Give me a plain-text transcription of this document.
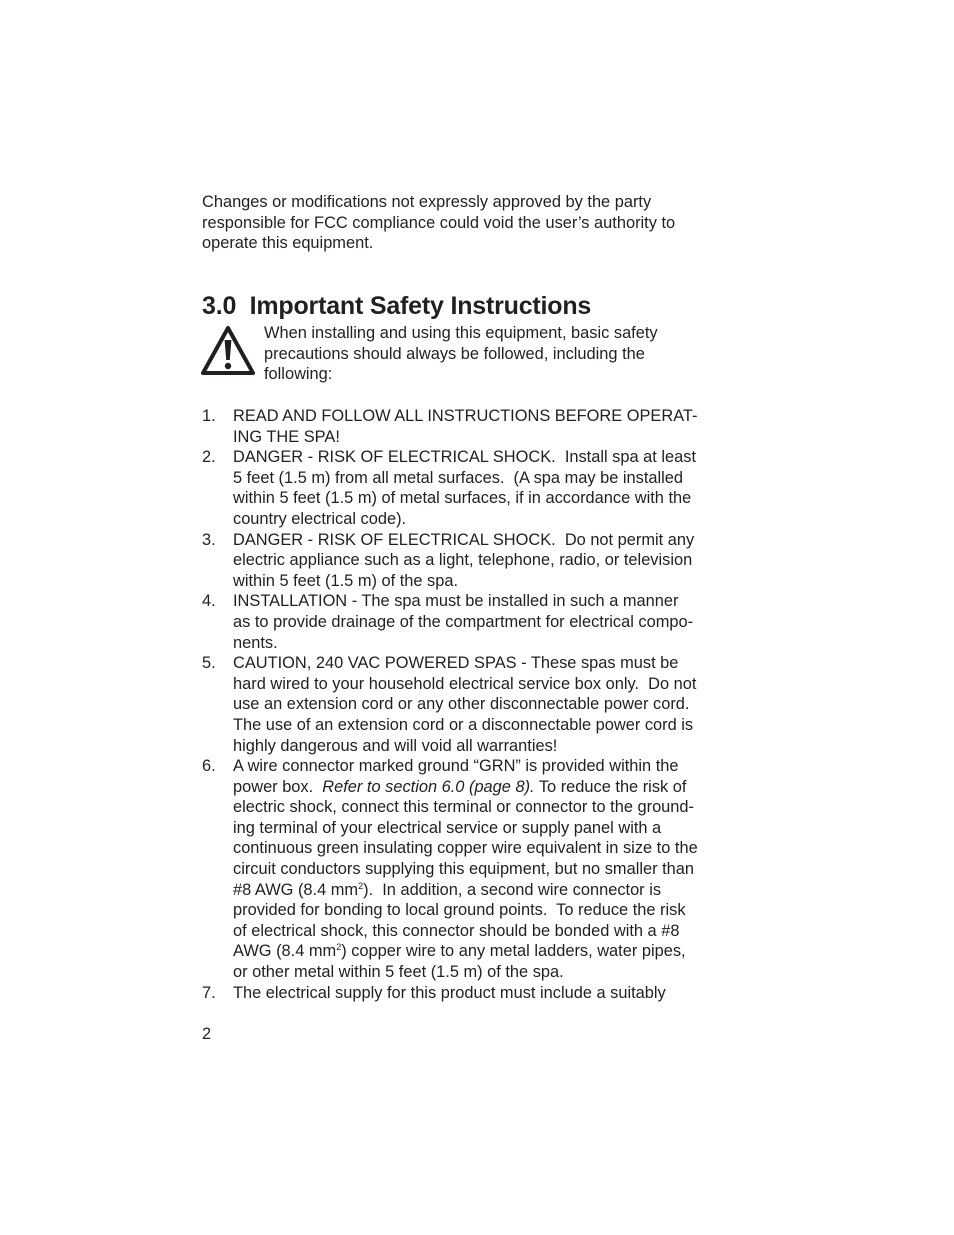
Changes or modifications not expressly approved by the party
responsible for FCC compliance could void the user’s authority to
operate this equipment.
3.0  Important Safety Instructions
When installing and using this equipment, basic safety
precautions should always be followed, including the
following:
1.	READ AND FOLLOW ALL INSTRUCTIONS BEFORE OPERAT-
ING THE SPA!
2.	DANGER - RISK OF ELECTRICAL SHOCK.  Install spa at least
5 feet (1.5 m) from all metal surfaces.  (A spa may be installed
within 5 feet (1.5 m) of metal surfaces, if in accordance with the
country electrical code).
3.	DANGER - RISK OF ELECTRICAL SHOCK.  Do not permit any
electric appliance such as a light, telephone, radio, or television
within 5 feet (1.5 m) of the spa.
4.	INSTALLATION - The spa must be installed in such a manner
as to provide drainage of the compartment for electrical compo-
nents.
5.	CAUTION, 240 VAC POWERED SPAS - These spas must be
hard wired to your household electrical service box only.  Do not
use an extension cord or any other disconnectable power cord.
The use of an extension cord or a disconnectable power cord is
highly dangerous and will void all warranties!
6.	A wire connector marked ground “GRN” is provided within the
power box.  Refer to section 6.0 (page 8). To reduce the risk of
electric shock, connect this terminal or connector to the ground-
ing terminal of your electrical service or supply panel with a
continuous green insulating copper wire equivalent in size to the
circuit conductors supplying this equipment, but no smaller than
#8 AWG (8.4 $mm^2$).  In addition, a second wire connector is
provided for bonding to local ground points.  To reduce the risk
of electrical shock, this connector should be bonded with a #8
AWG (8.4 $mm^2$) copper wire to any metal ladders, water pipes,
or other metal within 5 feet (1.5 m) of the spa.
7.	The electrical supply for this product must include a suitably
2
